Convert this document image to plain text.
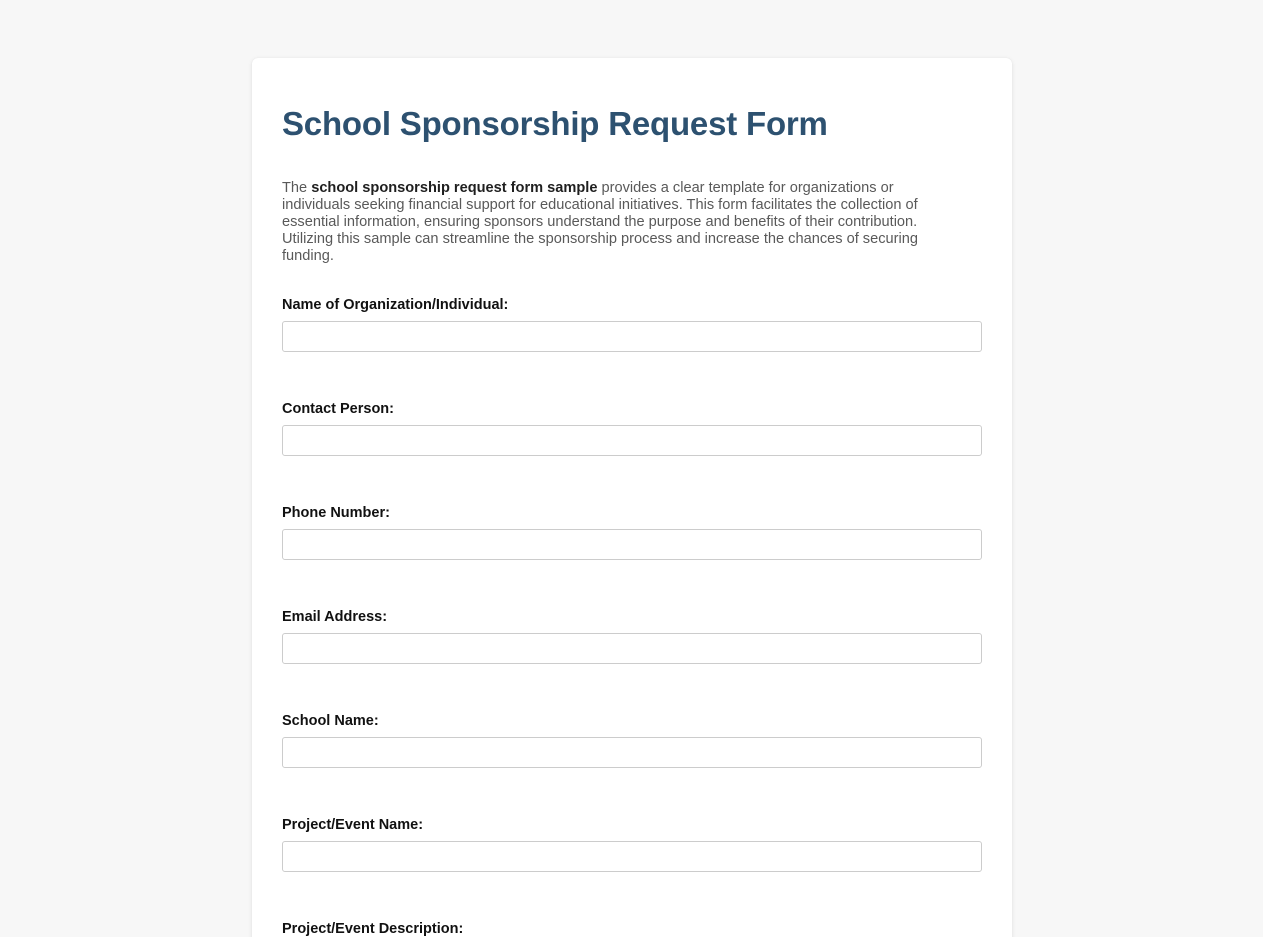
School Sponsorship Request Form

The school sponsorship request form sample provides a clear template for organizations or individuals seeking financial support for educational initiatives. This form facilitates the collection of essential information, ensuring sponsors understand the purpose and benefits of their contribution. Utilizing this sample can streamline the sponsorship process and increase the chances of securing funding.

Name of Organization/Individual:
Contact Person:
Phone Number:
Email Address:
School Name:
Project/Event Name:
Project/Event Description:
